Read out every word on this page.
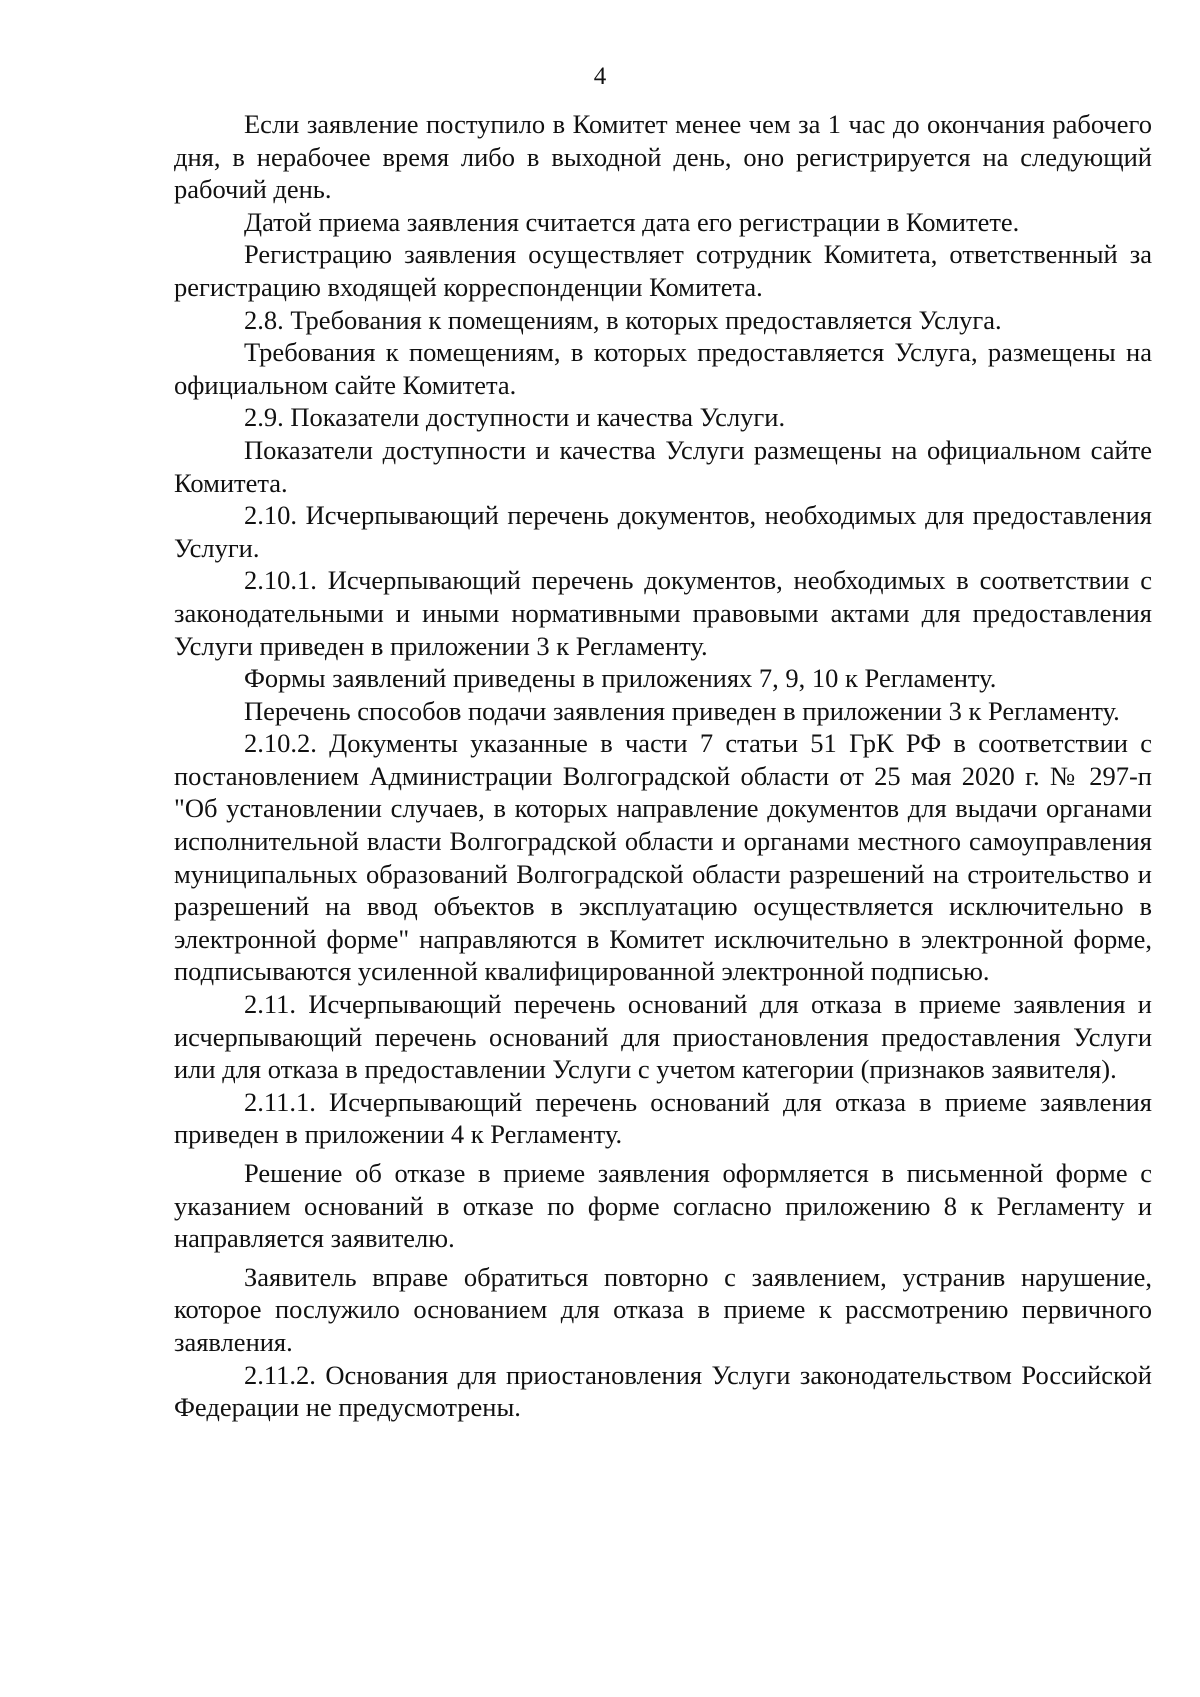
4

Если заявление поступило в Комитет менее чем за 1 час до окончания рабочего дня, в нерабочее время либо в выходной день, оно регистрируется на следующий рабочий день.

Датой приема заявления считается дата его регистрации в Комитете.

Регистрацию заявления осуществляет сотрудник Комитета, ответственный за регистрацию входящей корреспонденции Комитета.

2.8. Требования к помещениям, в которых предоставляется Услуга.

Требования к помещениям, в которых предоставляется Услуга, размещены на официальном сайте Комитета.

2.9. Показатели доступности и качества Услуги.

Показатели доступности и качества Услуги размещены на официальном сайте Комитета.

2.10. Исчерпывающий перечень документов, необходимых для предоставления Услуги.

2.10.1. Исчерпывающий перечень документов, необходимых в соответствии с законодательными и иными нормативными правовыми актами для предоставления Услуги приведен в приложении 3 к Регламенту.

Формы заявлений приведены в приложениях 7, 9, 10 к Регламенту.

Перечень способов подачи заявления приведен в приложении 3 к Регламенту.

2.10.2. Документы указанные в части 7 статьи 51 ГрК РФ в соответствии с постановлением Администрации Волгоградской области от 25 мая 2020 г. № 297-п "Об установлении случаев, в которых направление документов для выдачи органами исполнительной власти Волгоградской области и органами местного самоуправления муниципальных образований Волгоградской области разрешений на строительство и разрешений на ввод объектов в эксплуатацию осуществляется исключительно в электронной форме" направляются в Комитет исключительно в электронной форме, подписываются усиленной квалифицированной электронной подписью.

2.11. Исчерпывающий перечень оснований для отказа в приеме заявления и исчерпывающий перечень оснований для приостановления предоставления Услуги или для отказа в предоставлении Услуги с учетом категории (признаков заявителя).

2.11.1. Исчерпывающий перечень оснований для отказа в приеме заявления приведен в приложении 4 к Регламенту.

Решение об отказе в приеме заявления оформляется в письменной форме с указанием оснований в отказе по форме согласно приложению 8 к Регламенту и направляется заявителю.

Заявитель вправе обратиться повторно с заявлением, устранив нарушение, которое послужило основанием для отказа в приеме к рассмотрению первичного заявления.

2.11.2. Основания для приостановления Услуги законодательством Российской Федерации не предусмотрены.
